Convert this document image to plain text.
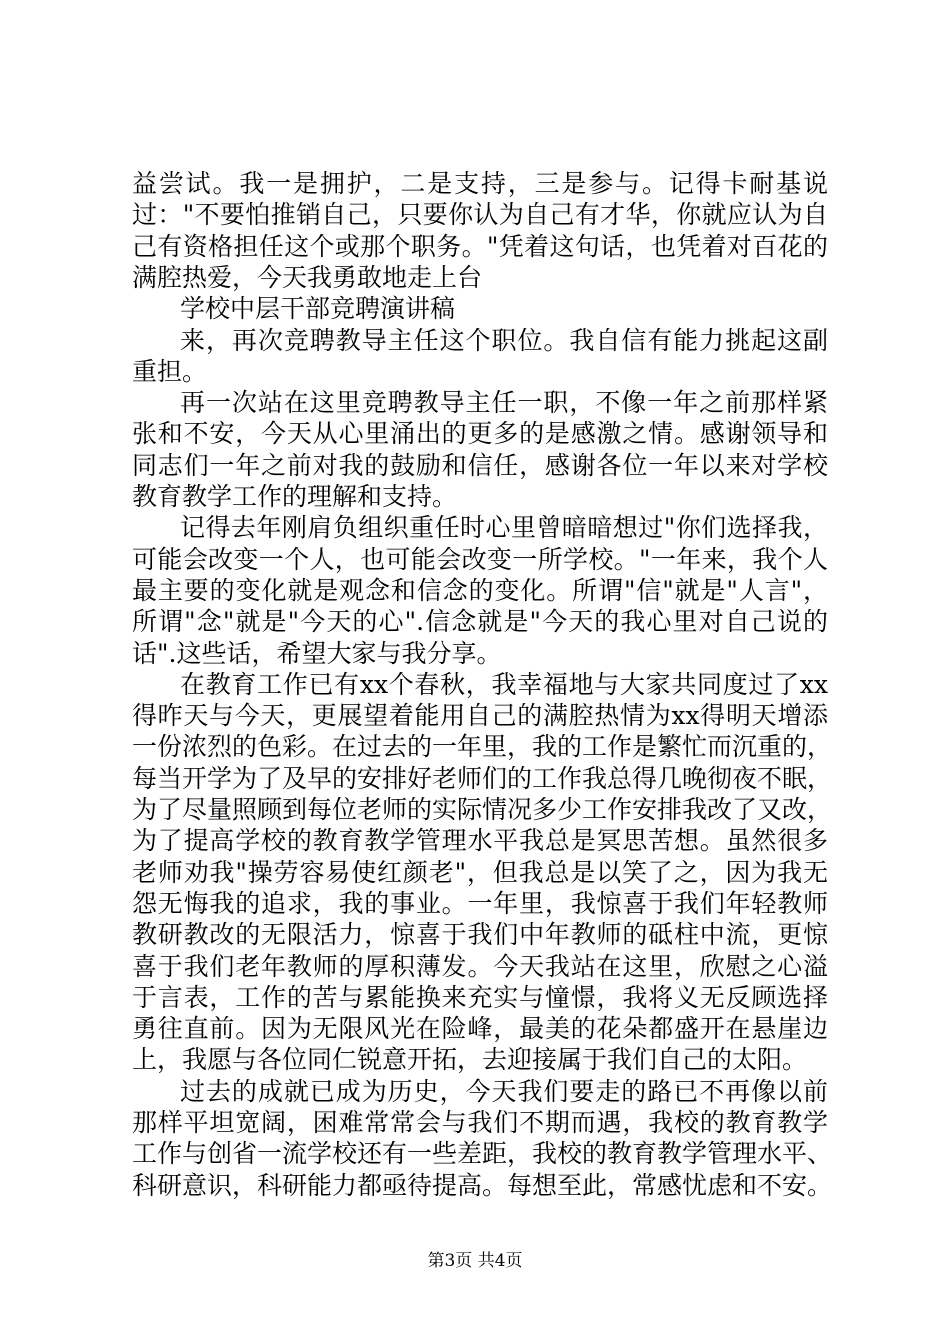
益尝试。我一是拥护，二是支持，三是参与。记得卡耐基说
过："不要怕推销自己，只要你认为自己有才华，你就应认为自
己有资格担任这个或那个职务。"凭着这句话，也凭着对百花的
满腔热爱，今天我勇敢地走上台
学校中层干部竞聘演讲稿
来，再次竞聘教导主任这个职位。我自信有能力挑起这副
重担。
再一次站在这里竞聘教导主任一职，不像一年之前那样紧
张和不安，今天从心里涌出的更多的是感激之情。感谢领导和
同志们一年之前对我的鼓励和信任，感谢各位一年以来对学校
教育教学工作的理解和支持。
记得去年刚肩负组织重任时心里曾暗暗想过"你们选择我，
可能会改变一个人，也可能会改变一所学校。"一年来，我个人
最主要的变化就是观念和信念的变化。所谓"信"就是"人言"，
所谓"念"就是"今天的心".信念就是"今天的我心里对自己说的
话".这些话，希望大家与我分享。
在教育工作已有xx个春秋，我幸福地与大家共同度过了xx
得昨天与今天，更展望着能用自己的满腔热情为xx得明天增添
一份浓烈的色彩。在过去的一年里，我的工作是繁忙而沉重的，
每当开学为了及早的安排好老师们的工作我总得几晚彻夜不眠，
为了尽量照顾到每位老师的实际情况多少工作安排我改了又改，
为了提高学校的教育教学管理水平我总是冥思苦想。虽然很多
老师劝我"操劳容易使红颜老"，但我总是以笑了之，因为我无
怨无悔我的追求，我的事业。一年里，我惊喜于我们年轻教师
教研教改的无限活力，惊喜于我们中年教师的砥柱中流，更惊
喜于我们老年教师的厚积薄发。今天我站在这里，欣慰之心溢
于言表，工作的苦与累能换来充实与憧憬，我将义无反顾选择
勇往直前。因为无限风光在险峰，最美的花朵都盛开在悬崖边
上，我愿与各位同仁锐意开拓，去迎接属于我们自己的太阳。
过去的成就已成为历史，今天我们要走的路已不再像以前
那样平坦宽阔，困难常常会与我们不期而遇，我校的教育教学
工作与创省一流学校还有一些差距，我校的教育教学管理水平、
科研意识，科研能力都亟待提高。每想至此，常感忧虑和不安。
第3页 共4页
